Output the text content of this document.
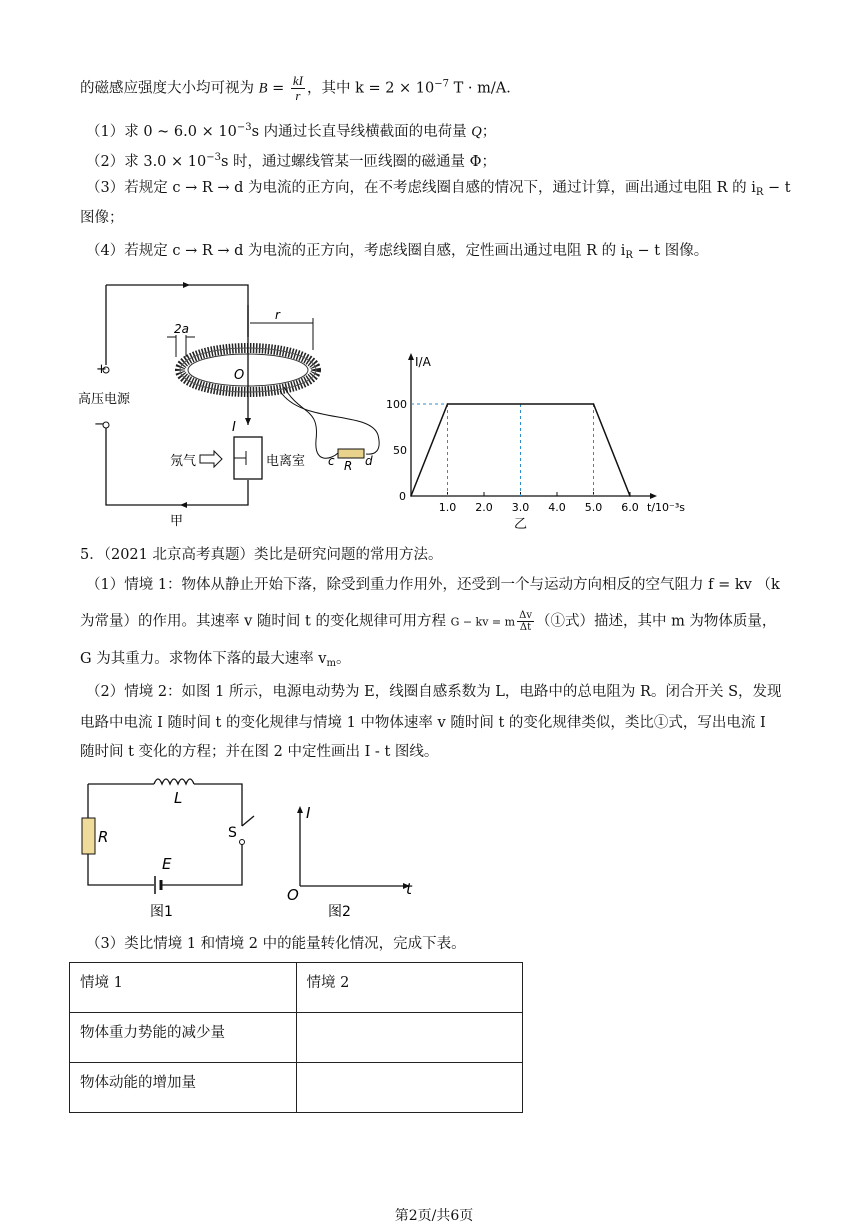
的磁感应强度大小均可视为 $B = \frac{kI}{r}$ ，其中 $k = 2 \times 10^{-7}$ T · m/A．
（1）求 0 ~ $6.0 \times 10^{-3}s$ 内通过长直导线横截面的电荷量 Q；
（2）求 $3.0 \times 10^{-3}s$ 时，通过螺线管某一匝线圈的磁通量 Φ；
（3）若规定 c → R → d 为电流的正方向，在不考虑线圈自感的情况下，通过计算，画出通过电阻 R 的 $i_R - t$
图像；
（4）若规定 c → R → d 为电流的正方向，考虑线圈自感，定性画出通过电阻 R 的 $i_R - t$ 图像。
+
高压电源
−
甲
O
2a
r
I
氖气	电离室 c R d
I/A
t/10⁻³s
0
50
100
1.0 2.0 3.0 4.0 5.0 6.0
乙
5．（2021 北京高考真题）类比是研究问题的常用方法。
（1）情境 1：物体从静止开始下落，除受到重力作用外，还受到一个与运动方向相反的空气阻力 f = kv （k
为常量）的作用。其速率 v 随时间 t 的变化规律可用方程 G − kv = m $\frac{\Delta v}{\Delta t}$ （①式）描述，其中 m 为物体质量，
G 为其重力。求物体下落的最大速率 $v_m$。
（2）情境 2：如图 1 所示，电源电动势为 E，线圈自感系数为 L，电路中的总电阻为 R。闭合开关 S，发现
电路中电流 I 随时间 t 的变化规律与情境 1 中物体速率 v 随时间 t 的变化规律类似，类比①式，写出电流 I
随时间 t 变化的方程；并在图 2 中定性画出 I - t 图线。
L
R
E
S
图1
I
O	t
图2
（3）类比情境 1 和情境 2 中的能量转化情况，完成下表。
情境 1	情境 2
物体重力势能的减少量	
物体动能的增加量	
第2页/共6页
